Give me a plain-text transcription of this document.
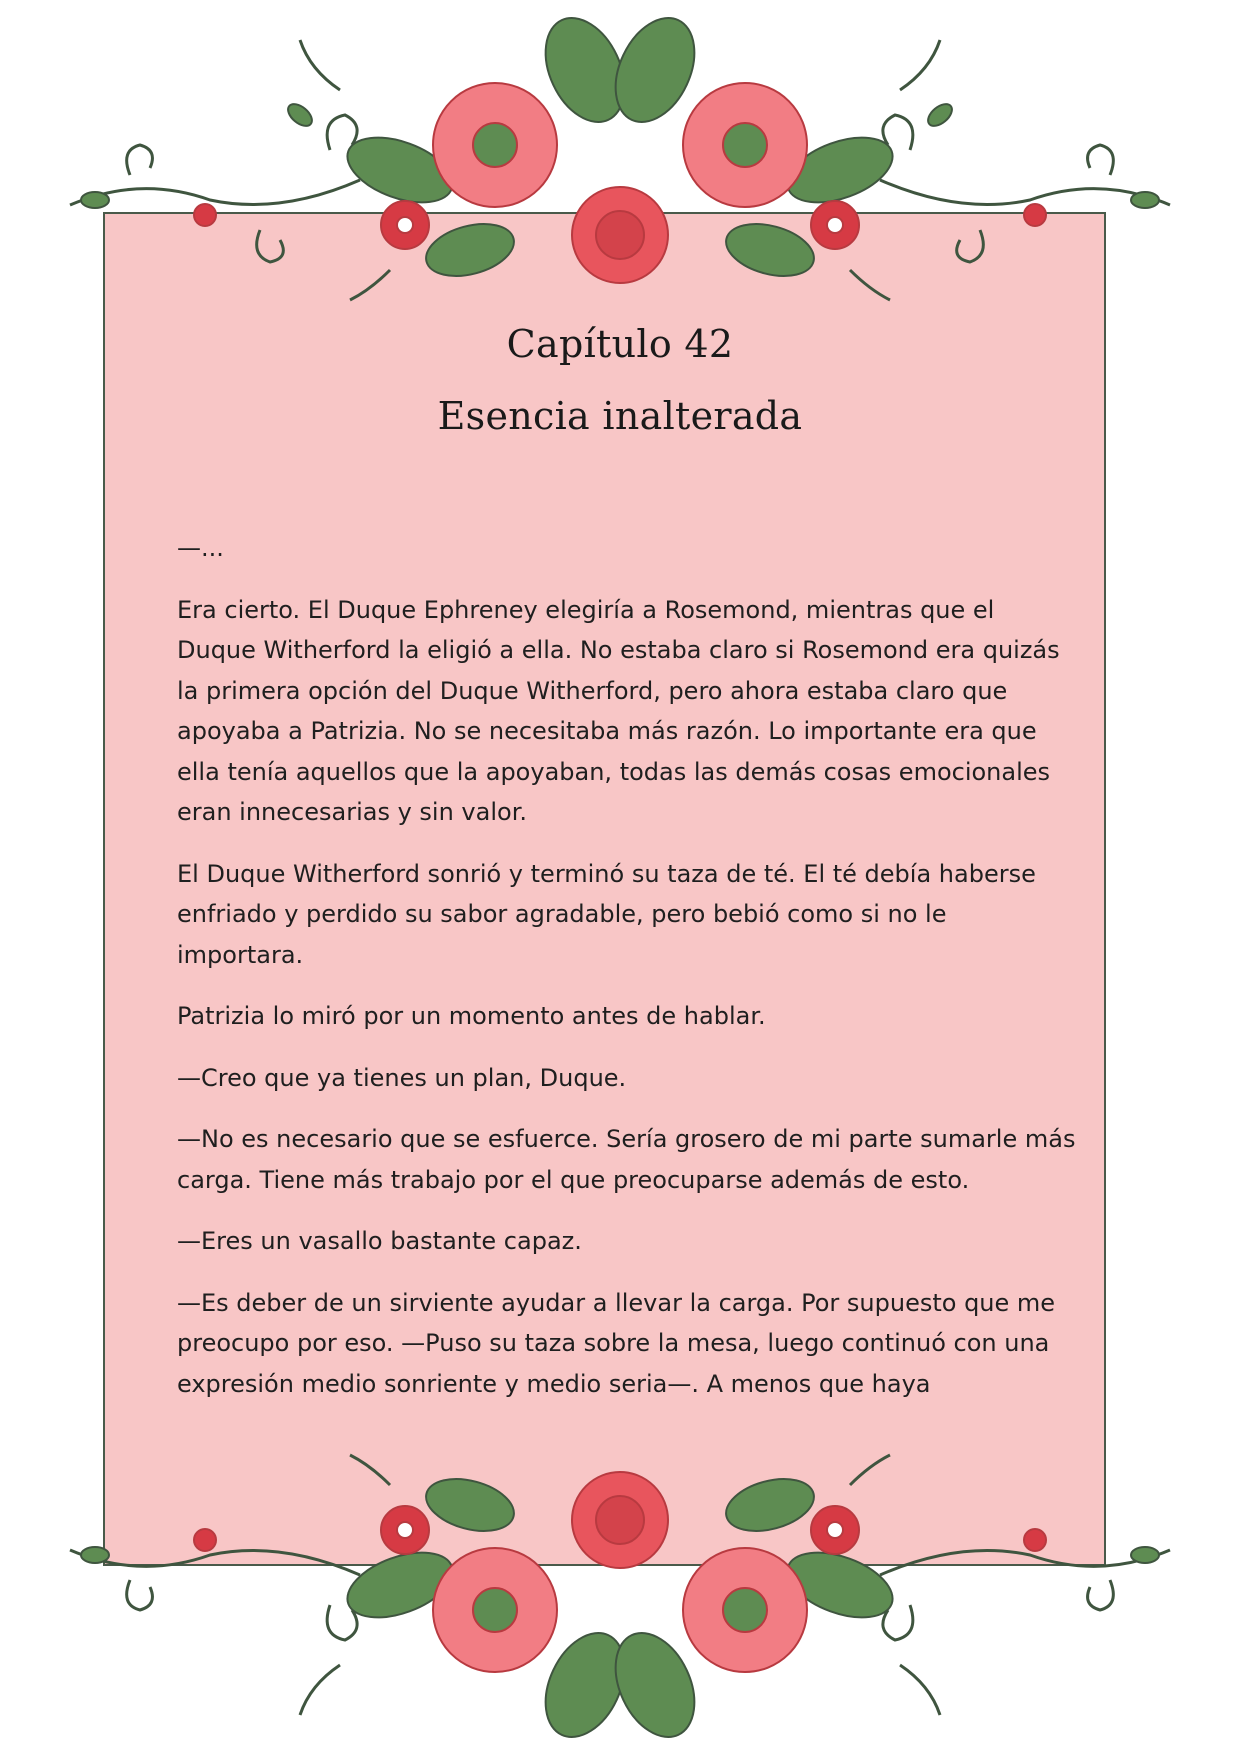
Capítulo 42
Esencia inalterada

—...

Era cierto. El Duque Ephreney elegiría a Rosemond, mientras que el Duque Witherford la eligió a ella. No estaba claro si Rosemond era quizás la primera opción del Duque Witherford, pero ahora estaba claro que apoyaba a Patrizia. No se necesitaba más razón. Lo importante era que ella tenía aquellos que la apoyaban, todas las demás cosas emocionales eran innecesarias y sin valor.

El Duque Witherford sonrió y terminó su taza de té. El té debía haberse enfriado y perdido su sabor agradable, pero bebió como si no le importara.

Patrizia lo miró por un momento antes de hablar.

—Creo que ya tienes un plan, Duque.

—No es necesario que se esfuerce. Sería grosero de mi parte sumarle más carga. Tiene más trabajo por el que preocuparse además de esto.

—Eres un vasallo bastante capaz.

—Es deber de un sirviente ayudar a llevar la carga. Por supuesto que me preocupo por eso. —Puso su taza sobre la mesa, luego continuó con una expresión medio sonriente y medio seria—. A menos que haya
